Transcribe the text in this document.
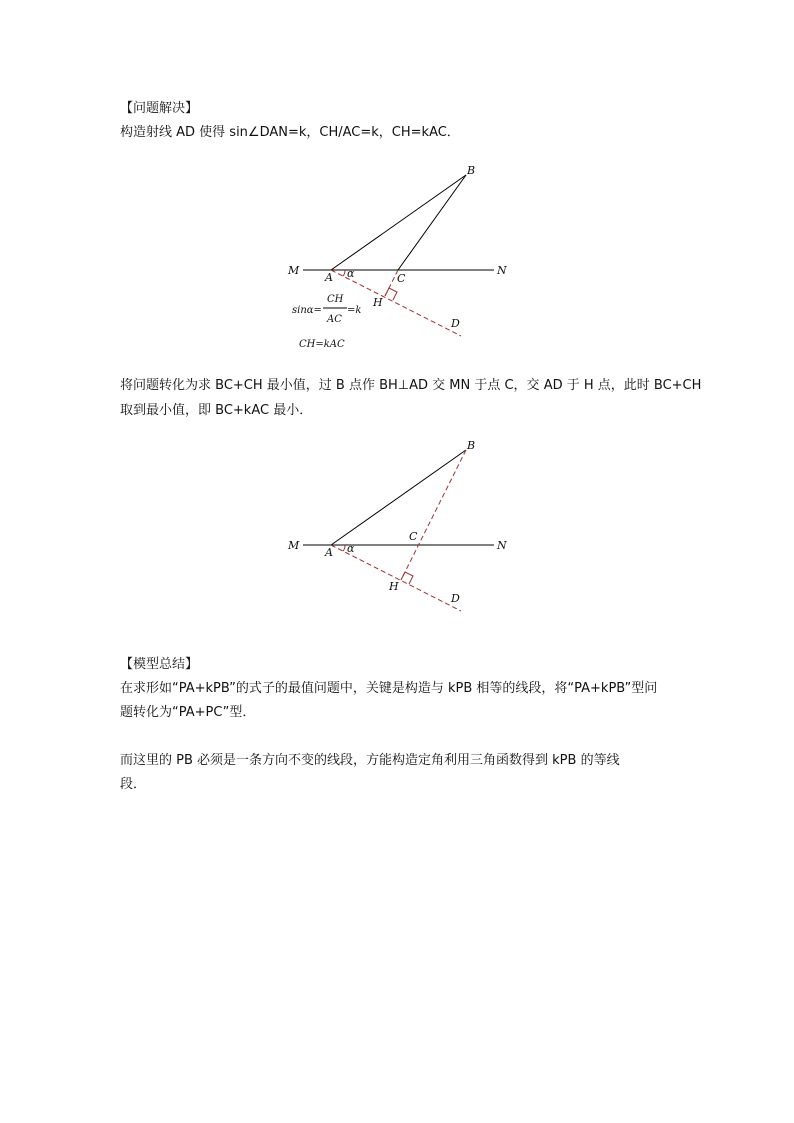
【问题解决】
构造射线 AD 使得 sin∠DAN=k，CH/AC=k，CH=kAC．
B
M	N
A α	C
H
D
sinα=
CH
AC
=k
CH=kAC
B
M	N
A α
C
H
D
将问题转化为求 BC+CH 最小值，过 B 点作 BH⊥AD 交 MN 于点 C，交 AD 于 H 点，此时 BC+CH
取到最小值，即 BC+kAC 最小．
【模型总结】
在求形如“PA+kPB”的式子的最值问题中，关键是构造与 kPB 相等的线段，将“PA+kPB”型问
题转化为“PA+PC”型．
而这里的 PB 必须是一条方向不变的线段，方能构造定角利用三角函数得到 kPB 的等线
段．
